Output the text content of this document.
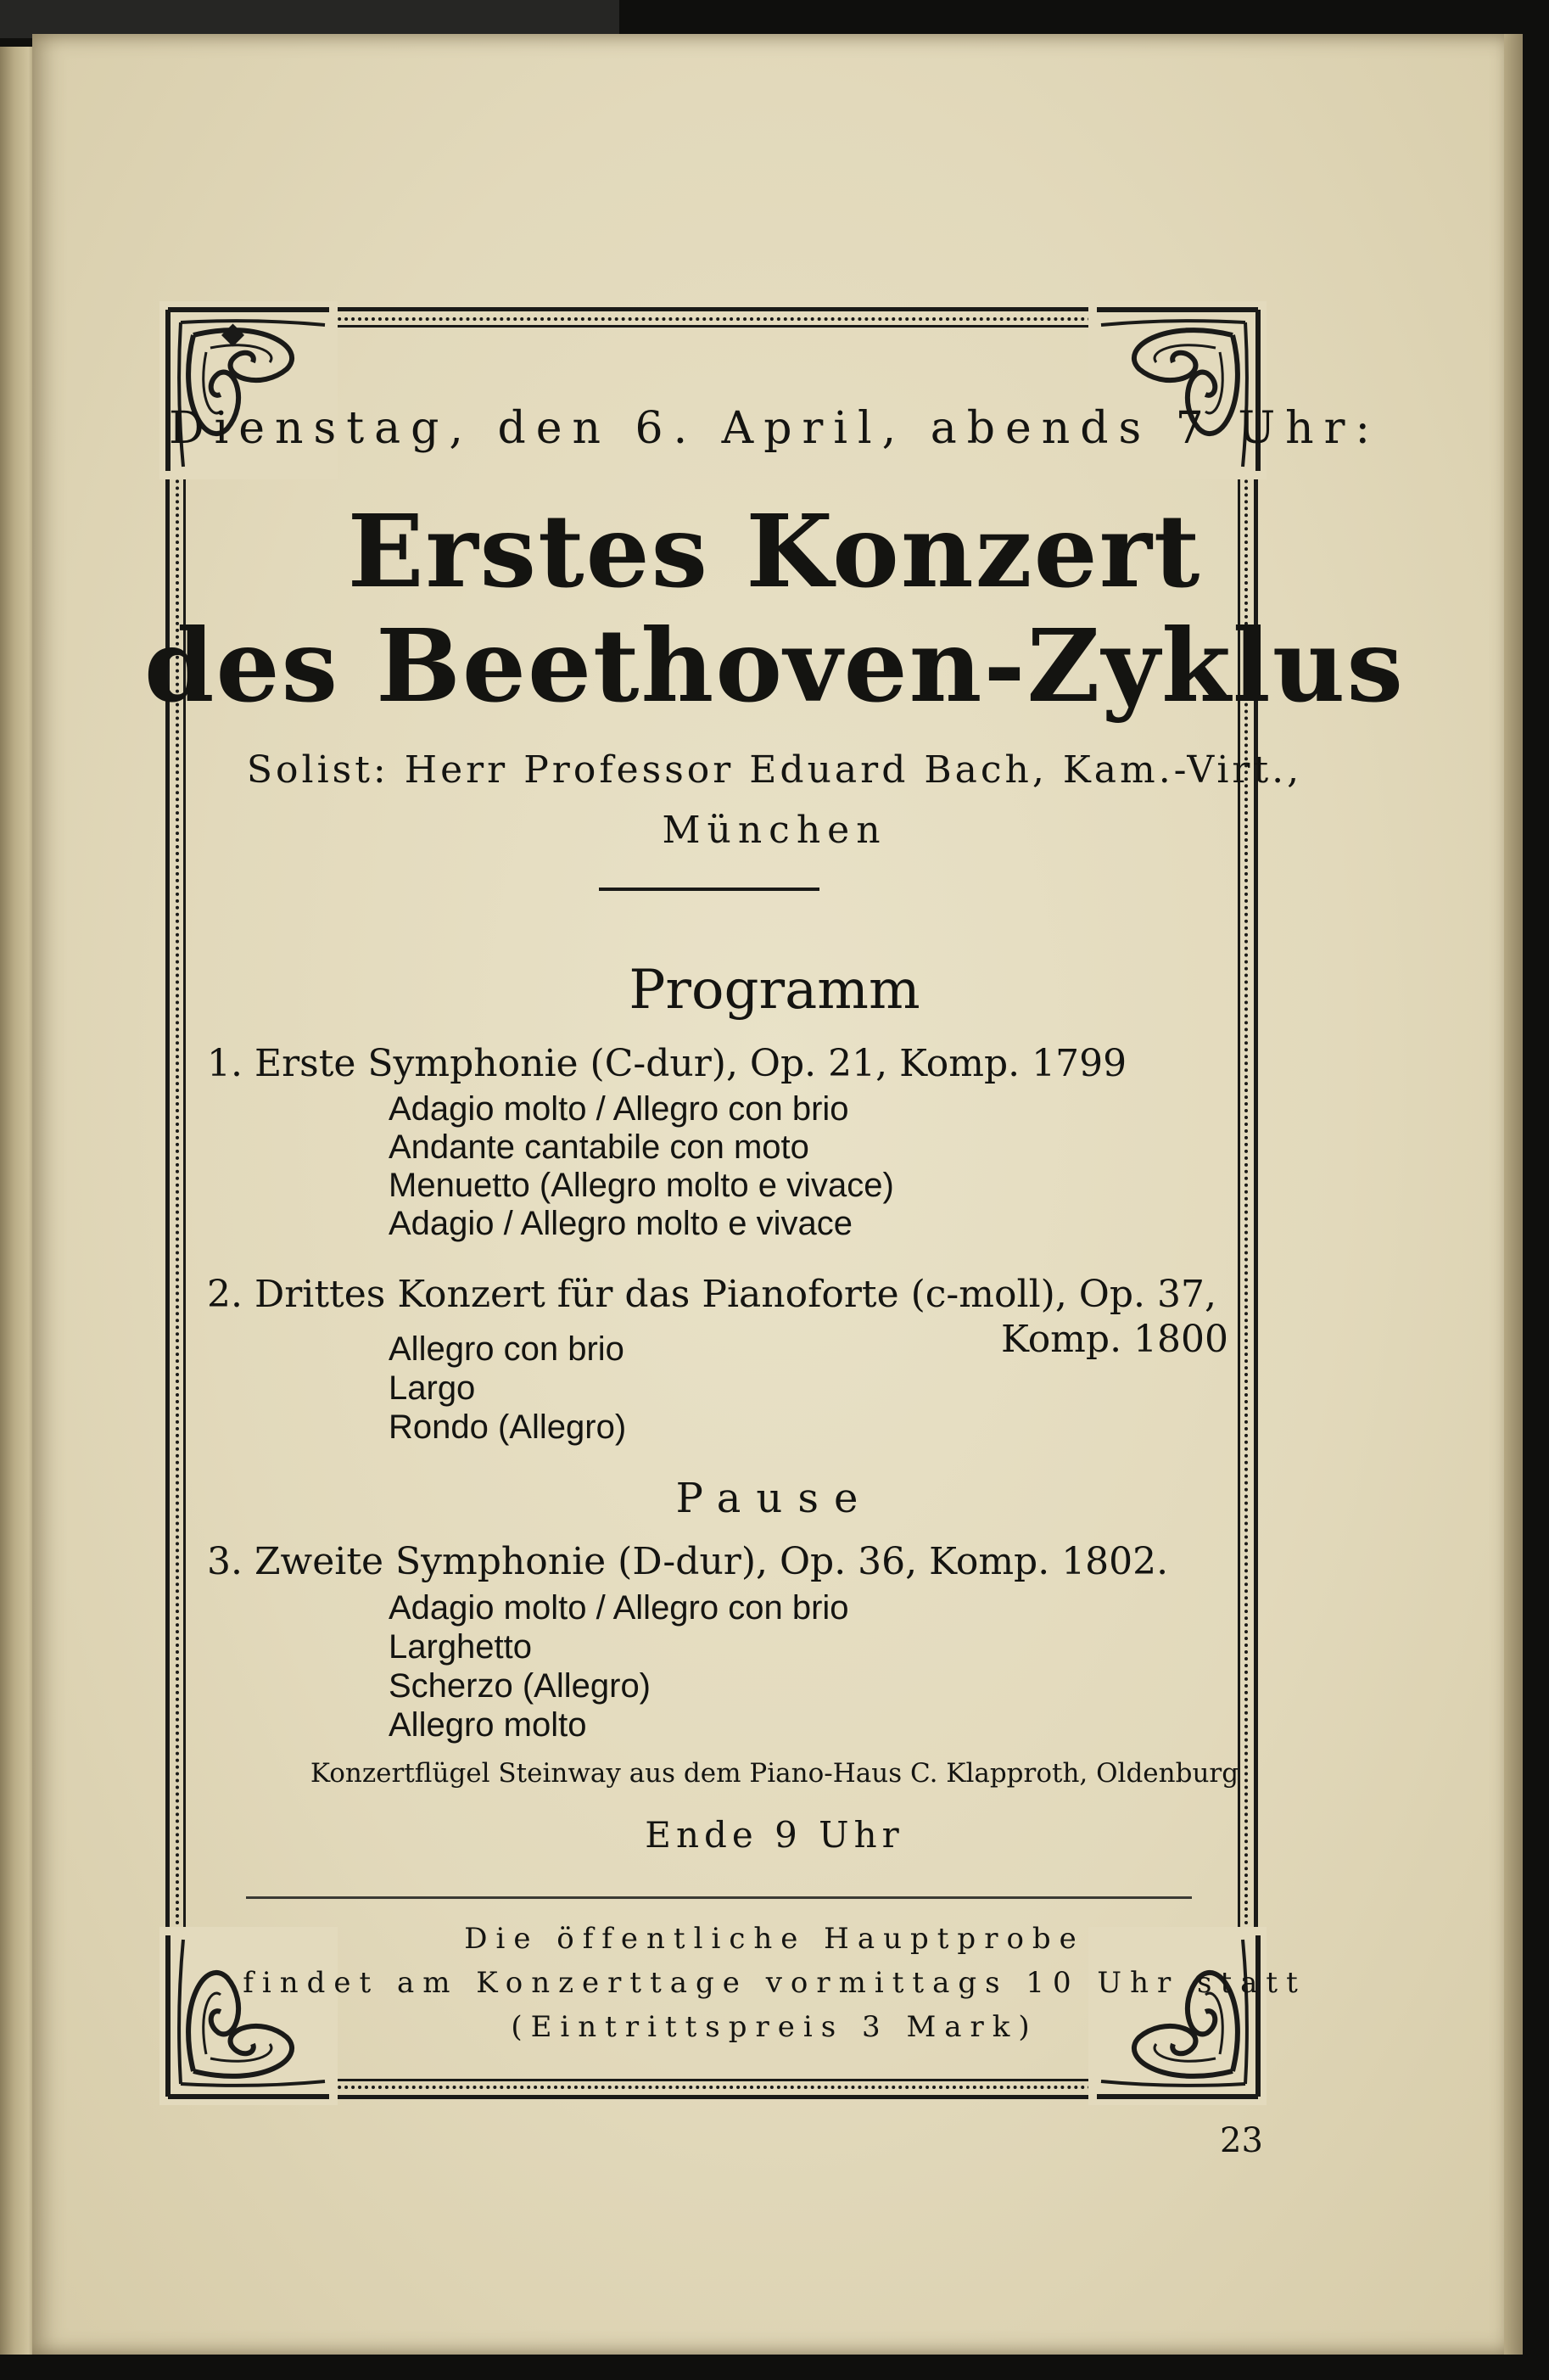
Dienstag, den 6. April, abends 7 Uhr:
Erstes Konzert
des Beethoven-Zyklus
Solist: Herr Professor Eduard Bach, Kam.-Virt.,
München
Programm
1. Erste Symphonie (C-dur), Op. 21, Komp. 1799
Adagio molto / Allegro con brio
Andante cantabile con moto
Menuetto (Allegro molto e vivace)
Adagio / Allegro molto e vivace
2. Drittes Konzert für das Pianoforte (c-moll), Op. 37,
Komp. 1800
Allegro con brio
Largo
Rondo (Allegro)
Pause
3. Zweite Symphonie (D-dur), Op. 36, Komp. 1802.
Adagio molto / Allegro con brio
Larghetto
Scherzo (Allegro)
Allegro molto
Konzertflügel Steinway aus dem Piano-Haus C. Klapproth, Oldenburg
Ende 9 Uhr
Die öffentliche Hauptprobe
findet am Konzerttage vormittags 10 Uhr statt
(Eintrittspreis 3 Mark)
23
